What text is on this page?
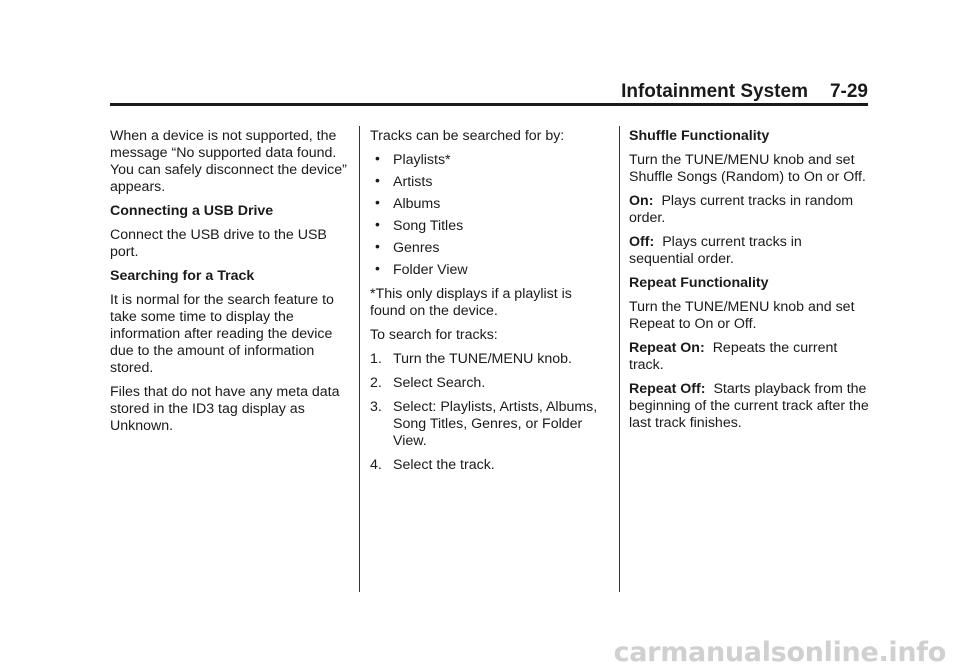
Infotainment System 7-29

When a device is not supported, the message “No supported data found. You can safely disconnect the device” appears.

Connecting a USB Drive

Connect the USB drive to the USB port.

Searching for a Track

It is normal for the search feature to take some time to display the information after reading the device due to the amount of information stored.

Files that do not have any meta data stored in the ID3 tag display as Unknown.

Tracks can be searched for by:

• Playlists*
• Artists
• Albums
• Song Titles
• Genres
• Folder View

*This only displays if a playlist is found on the device.

To search for tracks:

1. Turn the TUNE/MENU knob.
2. Select Search.
3. Select: Playlists, Artists, Albums, Song Titles, Genres, or Folder View.
4. Select the track.

Shuffle Functionality

Turn the TUNE/MENU knob and set Shuffle Songs (Random) to On or Off.

On: Plays current tracks in random order.

Off: Plays current tracks in sequential order.

Repeat Functionality

Turn the TUNE/MENU knob and set Repeat to On or Off.

Repeat On: Repeats the current track.

Repeat Off: Starts playback from the beginning of the current track after the last track finishes.

carmanualsonline.info
